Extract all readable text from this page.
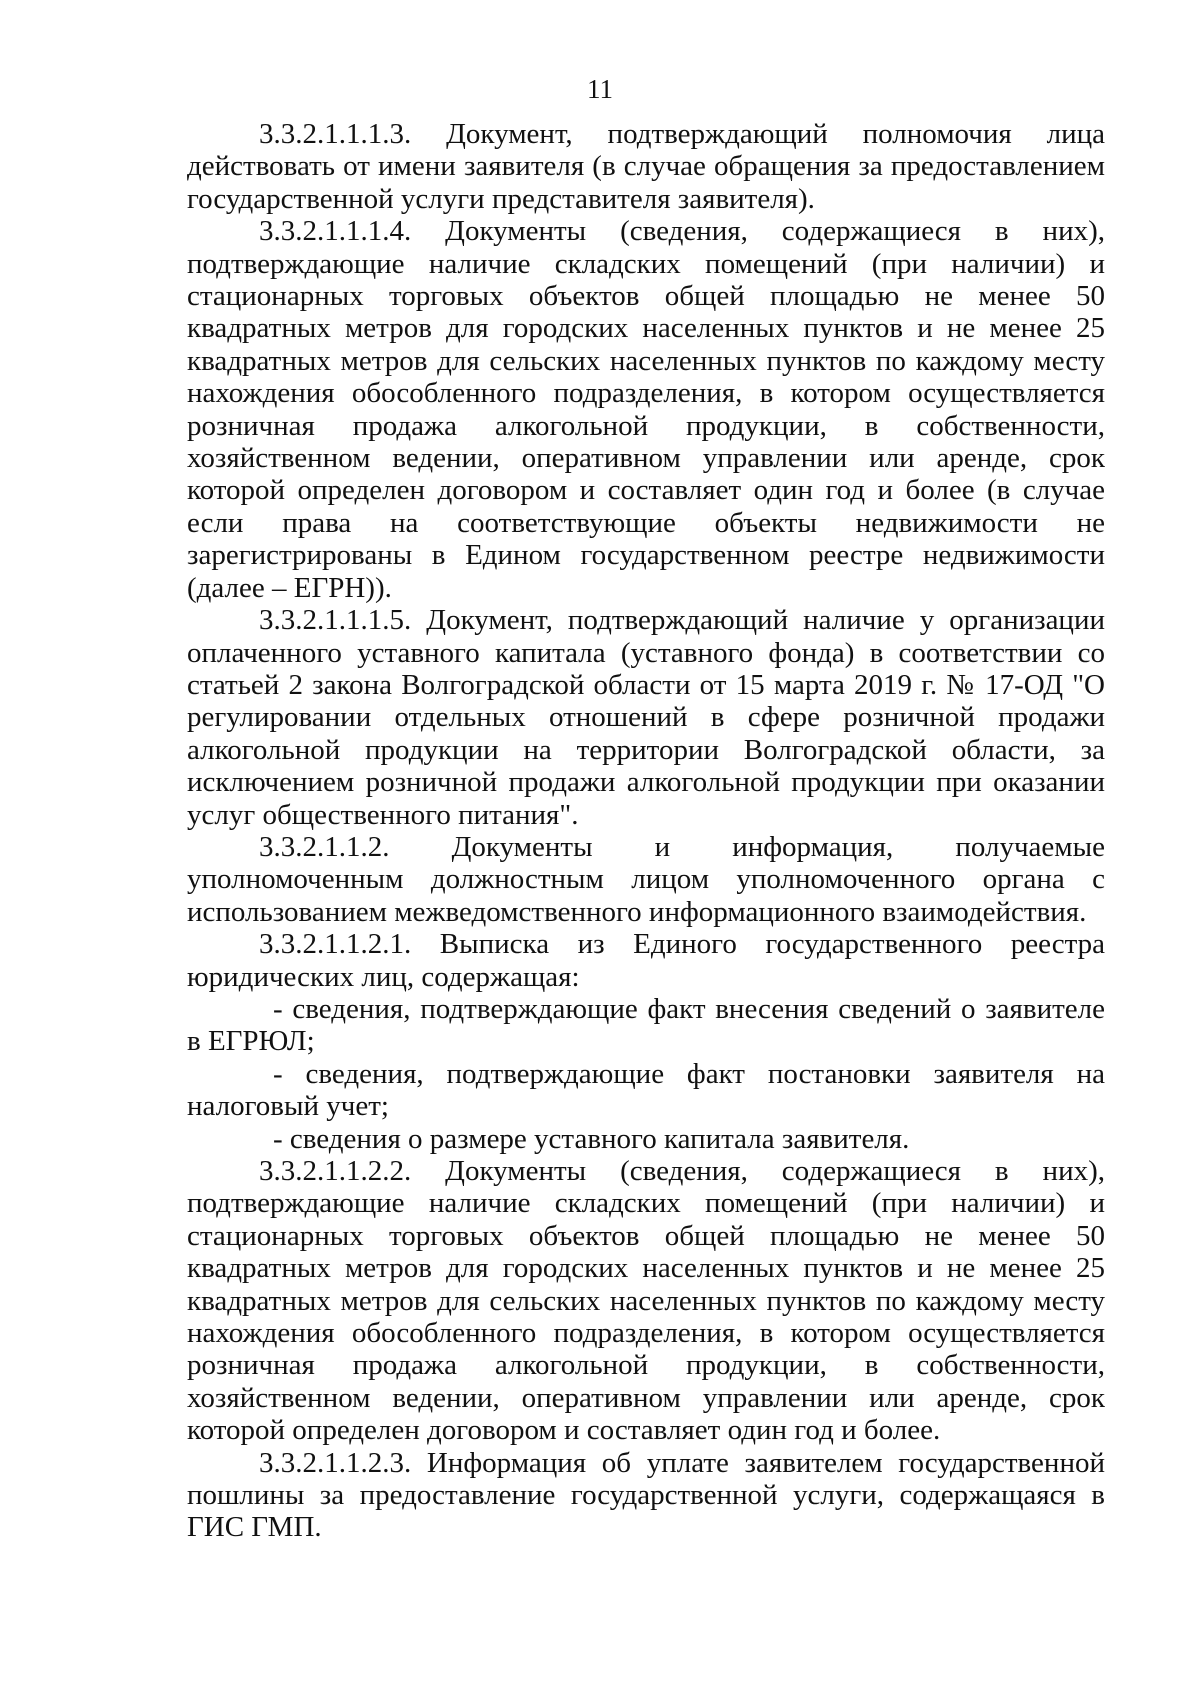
11

3.3.2.1.1.1.3. Документ, подтверждающий полномочия лица действовать от имени заявителя (в случае обращения за предоставлением государственной услуги представителя заявителя).

3.3.2.1.1.1.4. Документы (сведения, содержащиеся в них), подтверждающие наличие складских помещений (при наличии) и стационарных торговых объектов общей площадью не менее 50 квадратных метров для городских населенных пунктов и не менее 25 квадратных метров для сельских населенных пунктов по каждому месту нахождения обособленного подразделения, в котором осуществляется розничная продажа алкогольной продукции, в собственности, хозяйственном ведении, оперативном управлении или аренде, срок которой определен договором и составляет один год и более (в случае если права на соответствующие объекты недвижимости не зарегистрированы в Едином государственном реестре недвижимости (далее – ЕГРН)).

3.3.2.1.1.1.5. Документ, подтверждающий наличие у организации оплаченного уставного капитала (уставного фонда) в соответствии со статьей 2 закона Волгоградской области от 15 марта 2019 г. № 17-ОД "О регулировании отдельных отношений в сфере розничной продажи алкогольной продукции на территории Волгоградской области, за исключением розничной продажи алкогольной продукции при оказании услуг общественного питания".

3.3.2.1.1.2. Документы и информация, получаемые уполномоченным должностным лицом уполномоченного органа с использованием межведомственного информационного взаимодействия.

3.3.2.1.1.2.1. Выписка из Единого государственного реестра юридических лиц, содержащая:

- сведения, подтверждающие факт внесения сведений о заявителе в ЕГРЮЛ;

- сведения, подтверждающие факт постановки заявителя на налоговый учет;

- сведения о размере уставного капитала заявителя.

3.3.2.1.1.2.2. Документы (сведения, содержащиеся в них), подтверждающие наличие складских помещений (при наличии) и стационарных торговых объектов общей площадью не менее 50 квадратных метров для городских населенных пунктов и не менее 25 квадратных метров для сельских населенных пунктов по каждому месту нахождения обособленного подразделения, в котором осуществляется розничная продажа алкогольной продукции, в собственности, хозяйственном ведении, оперативном управлении или аренде, срок которой определен договором и составляет один год и более.

3.3.2.1.1.2.3. Информация об уплате заявителем государственной пошлины за предоставление государственной услуги, содержащаяся в ГИС ГМП.
